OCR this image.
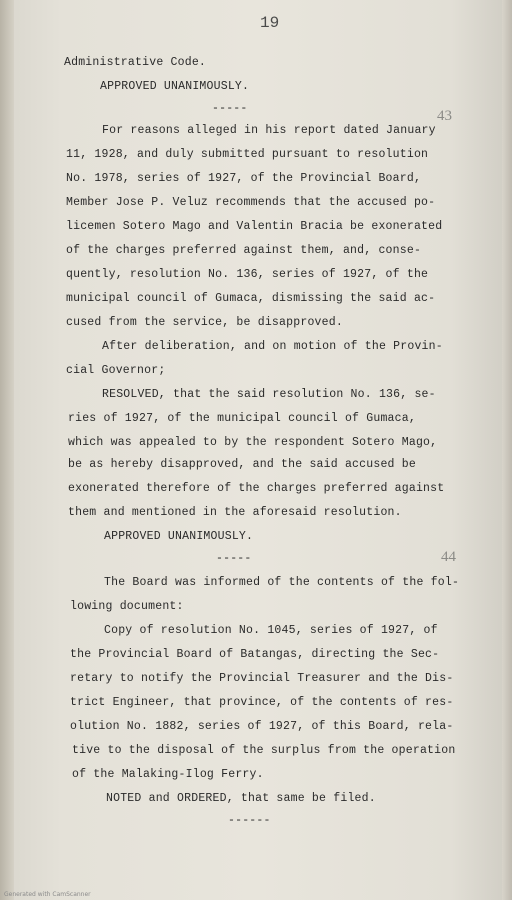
19
43
44
Administrative Code.
APPROVED UNANIMOUSLY.
-----
For reasons alleged in his report dated January
11, 1928, and duly submitted pursuant to resolution
No. 1978, series of 1927, of the Provincial Board,
Member Jose P. Veluz recommends that the accused po-
licemen Sotero Mago and Valentin Bracia be exonerated
of the charges preferred against them, and, conse-
quently, resolution No. 136, series of 1927, of the
municipal council of Gumaca, dismissing the said ac-
cused from the service, be disapproved.
After deliberation, and on motion of the Provin-
cial Governor;
RESOLVED, that the said resolution No. 136, se-
ries of 1927, of the municipal council of Gumaca,
which was appealed to by the respondent Sotero Mago,
be as hereby disapproved, and the said accused be
exonerated therefore of the charges preferred against
them and mentioned in the aforesaid resolution.
APPROVED UNANIMOUSLY.
-----
The Board was informed of the contents of the fol-
lowing document:
Copy of resolution No. 1045, series of 1927, of
the Provincial Board of Batangas, directing the Sec-
retary to notify the Provincial Treasurer and the Dis-
trict Engineer, that province, of the contents of res-
olution No. 1882, series of 1927, of this Board, rela-
tive to the disposal of the surplus from the operation
of the Malaking-Ilog Ferry.
NOTED and ORDERED, that same be filed.
------
Generated with CamScanner
